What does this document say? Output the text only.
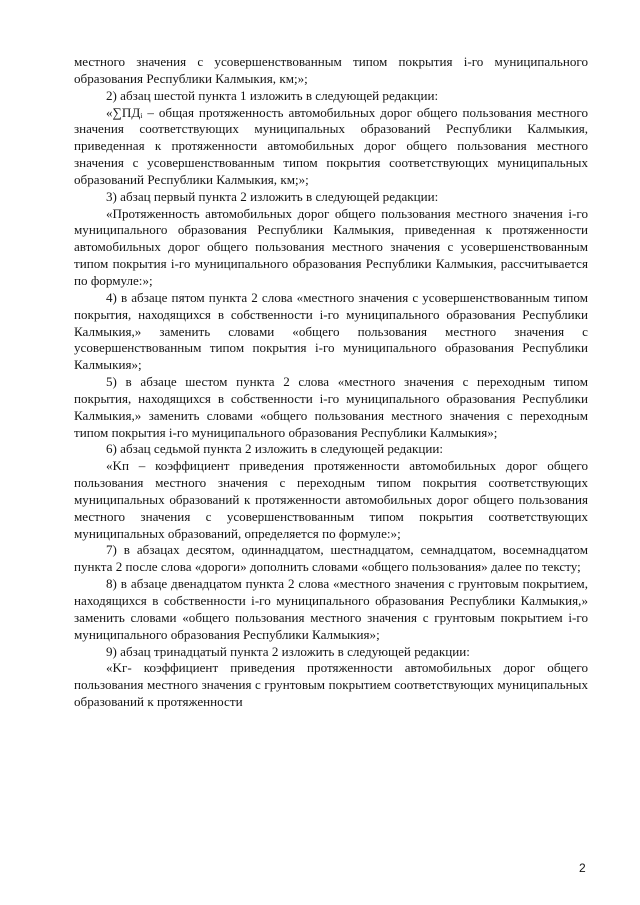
местного значения с усовершенствованным типом покрытия i-го муниципального образования Республики Калмыкия, км;»;

2) абзац шестой пункта 1 изложить в следующей редакции:

«∑ПДᵢ – общая протяженность автомобильных дорог общего пользования местного значения соответствующих муниципальных образований Республики Калмыкия, приведенная к протяженности автомобильных дорог общего пользования местного значения с усовершенствованным типом покрытия соответствующих муниципальных образований Республики Калмыкия, км;»;

3) абзац первый пункта 2 изложить в следующей редакции:

«Протяженность автомобильных дорог общего пользования местного значения i-го муниципального образования Республики Калмыкия, приведенная к протяженности автомобильных дорог общего пользования местного значения с усовершенствованным типом покрытия i-го муниципального образования Республики Калмыкия, рассчитывается по формуле:»;

4) в абзаце пятом пункта 2 слова «местного значения с усовершенствованным типом покрытия, находящихся в собственности i-го муниципального образования Республики Калмыкия,» заменить словами «общего пользования местного значения с усовершенствованным типом покрытия i-го муниципального образования Республики Калмыкия»;

5) в абзаце шестом пункта 2 слова «местного значения с переходным типом покрытия, находящихся в собственности i-го муниципального образования Республики Калмыкия,» заменить словами «общего пользования местного значения с переходным типом покрытия i-го муниципального образования Республики Калмыкия»;

6) абзац седьмой пункта 2 изложить в следующей редакции:

«Kп – коэффициент приведения протяженности автомобильных дорог общего пользования местного значения с переходным типом покрытия соответствующих муниципальных образований к протяженности автомобильных дорог общего пользования местного значения с усовершенствованным типом покрытия соответствующих муниципальных образований, определяется по формуле:»;

7) в абзацах десятом, одиннадцатом, шестнадцатом, семнадцатом, восемнадцатом пункта 2 после слова «дороги» дополнить словами «общего пользования» далее по тексту;

8) в абзаце двенадцатом пункта 2 слова «местного значения с грунтовым покрытием, находящихся в собственности i-го муниципального образования Республики Калмыкия,» заменить словами «общего пользования местного значения с грунтовым покрытием i-го муниципального образования Республики Калмыкия»;

9) абзац тринадцатый пункта 2 изложить в следующей редакции:

«Kг- коэффициент приведения протяженности автомобильных дорог общего пользования местного значения с грунтовым покрытием соответствующих муниципальных образований к протяженности

2
